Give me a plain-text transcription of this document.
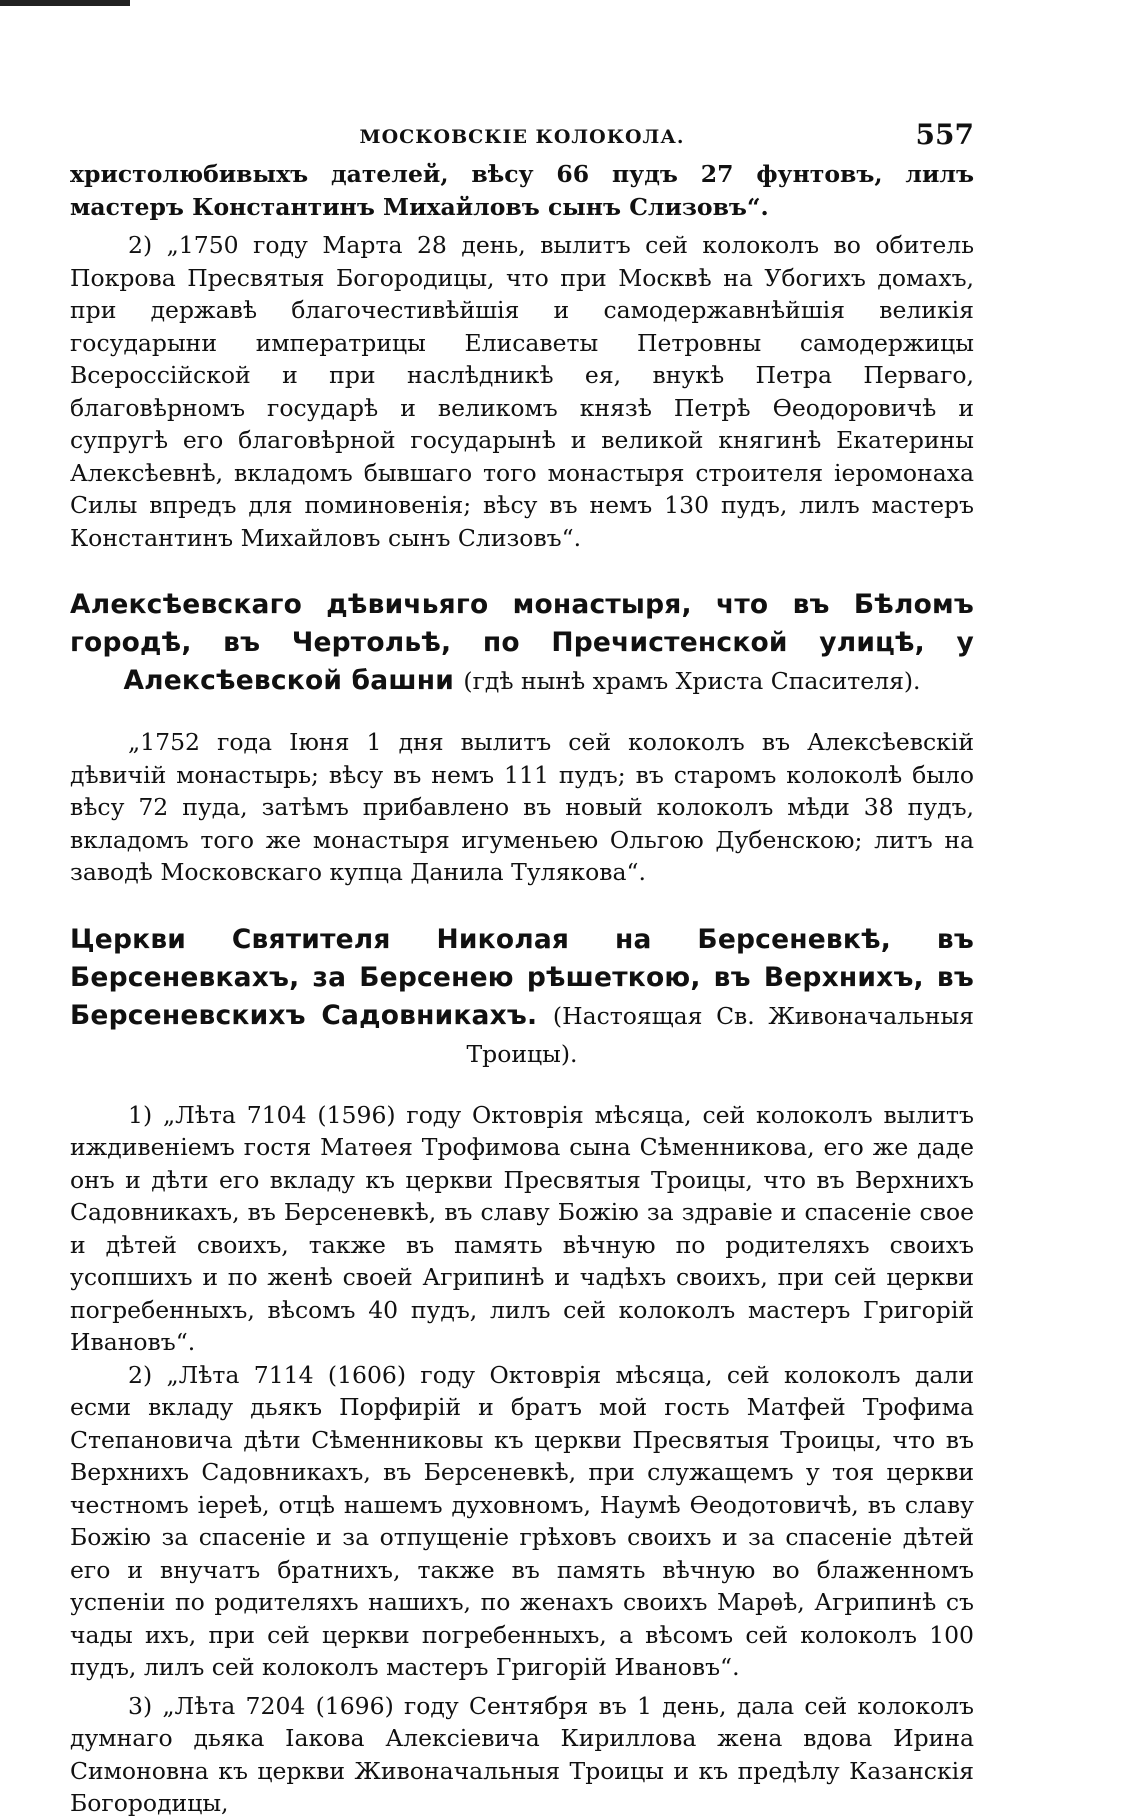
МОСКОВСКІЕ КОЛОКОЛА.	557

христолюбивыхъ дателей, вѣсу 66 пудъ 27 фунтовъ, лилъ мастеръ Константинъ Михайловъ сынъ Слизовъ“.

2) „1750 году Марта 28 день, вылитъ сей колоколъ во обитель Покрова Пресвятыя Богородицы, что при Москвѣ на Убогихъ домахъ, при державѣ благочестивѣйшія и самодержавнѣйшія великія государыни императрицы Елисаветы Петровны самодержицы Всероссійской и при наслѣдникѣ ея, внукѣ Петра Перваго, благовѣрномъ государѣ и великомъ князѣ Петрѣ Ѳеодоровичѣ и супругѣ его благовѣрной государынѣ и великой княгинѣ Екатерины Алексѣевнѣ, вкладомъ бывшаго того монастыря строителя іеромонаха Силы впредъ для поминовенія; вѣсу въ немъ 130 пудъ, лилъ мастеръ Константинъ Михайловъ сынъ Слизовъ“.

Алексѣевскаго дѣвичьяго монастыря, что въ Бѣломъ городѣ, въ Чертольѣ, по Пречистенской улицѣ, у Алексѣевской башни (гдѣ нынѣ храмъ Христа Спасителя).

„1752 года Іюня 1 дня вылитъ сей колоколъ въ Алексѣевскій дѣвичій монастырь; вѣсу въ немъ 111 пудъ; въ старомъ колоколѣ было вѣсу 72 пуда, затѣмъ прибавлено въ новый колоколъ мѣди 38 пудъ, вкладомъ того же монастыря игуменьею Ольгою Дубенскою; литъ на заводѣ Московскаго купца Данила Тулякова“.

Церкви Святителя Николая на Берсеневкѣ, въ Берсеневкахъ, за Берсенею рѣшеткою, въ Верхнихъ, въ Берсеневскихъ Садовникахъ. (Настоящая Св. Живоначальныя Троицы).

1) „Лѣта 7104 (1596) году Октоврія мѣсяца, сей колоколъ вылитъ иждивеніемъ гостя Матѳея Трофимова сына Сѣменникова, его же даде онъ и дѣти его вкладу къ церкви Пресвятыя Троицы, что въ Верхнихъ Садовникахъ, въ Берсеневкѣ, въ славу Божію за здравіе и спасеніе свое и дѣтей своихъ, также въ память вѣчную по родителяхъ своихъ усопшихъ и по женѣ своей Агрипинѣ и чадѣхъ своихъ, при сей церкви погребенныхъ, вѣсомъ 40 пудъ, лилъ сей колоколъ мастеръ Григорій Ивановъ“.

2) „Лѣта 7114 (1606) году Октоврія мѣсяца, сей колоколъ дали есми вкладу дьякъ Порфирій и братъ мой гость Матфей Трофима Степановича дѣти Сѣменниковы къ церкви Пресвятыя Троицы, что въ Верхнихъ Садовникахъ, въ Берсеневкѣ, при служащемъ у тоя церкви честномъ іереѣ, отцѣ нашемъ духовномъ, Наумѣ Ѳеодотовичѣ, въ славу Божію за спасеніе и за отпущеніе грѣховъ своихъ и за спасеніе дѣтей его и внучатъ братнихъ, также въ память вѣчную во блаженномъ успеніи по родителяхъ нашихъ, по женахъ своихъ Марѳѣ, Агрипинѣ съ чады ихъ, при сей церкви погребенныхъ, а вѣсомъ сей колоколъ 100 пудъ, лилъ сей колоколъ мастеръ Григорій Ивановъ“.

3) „Лѣта 7204 (1696) году Сентября въ 1 день, дала сей колоколъ думнаго дьяка Іакова Алексіевича Кириллова жена вдова Ирина Симоновна къ церкви Живоначальныя Троицы и къ предѣлу Казанскія Богородицы,
